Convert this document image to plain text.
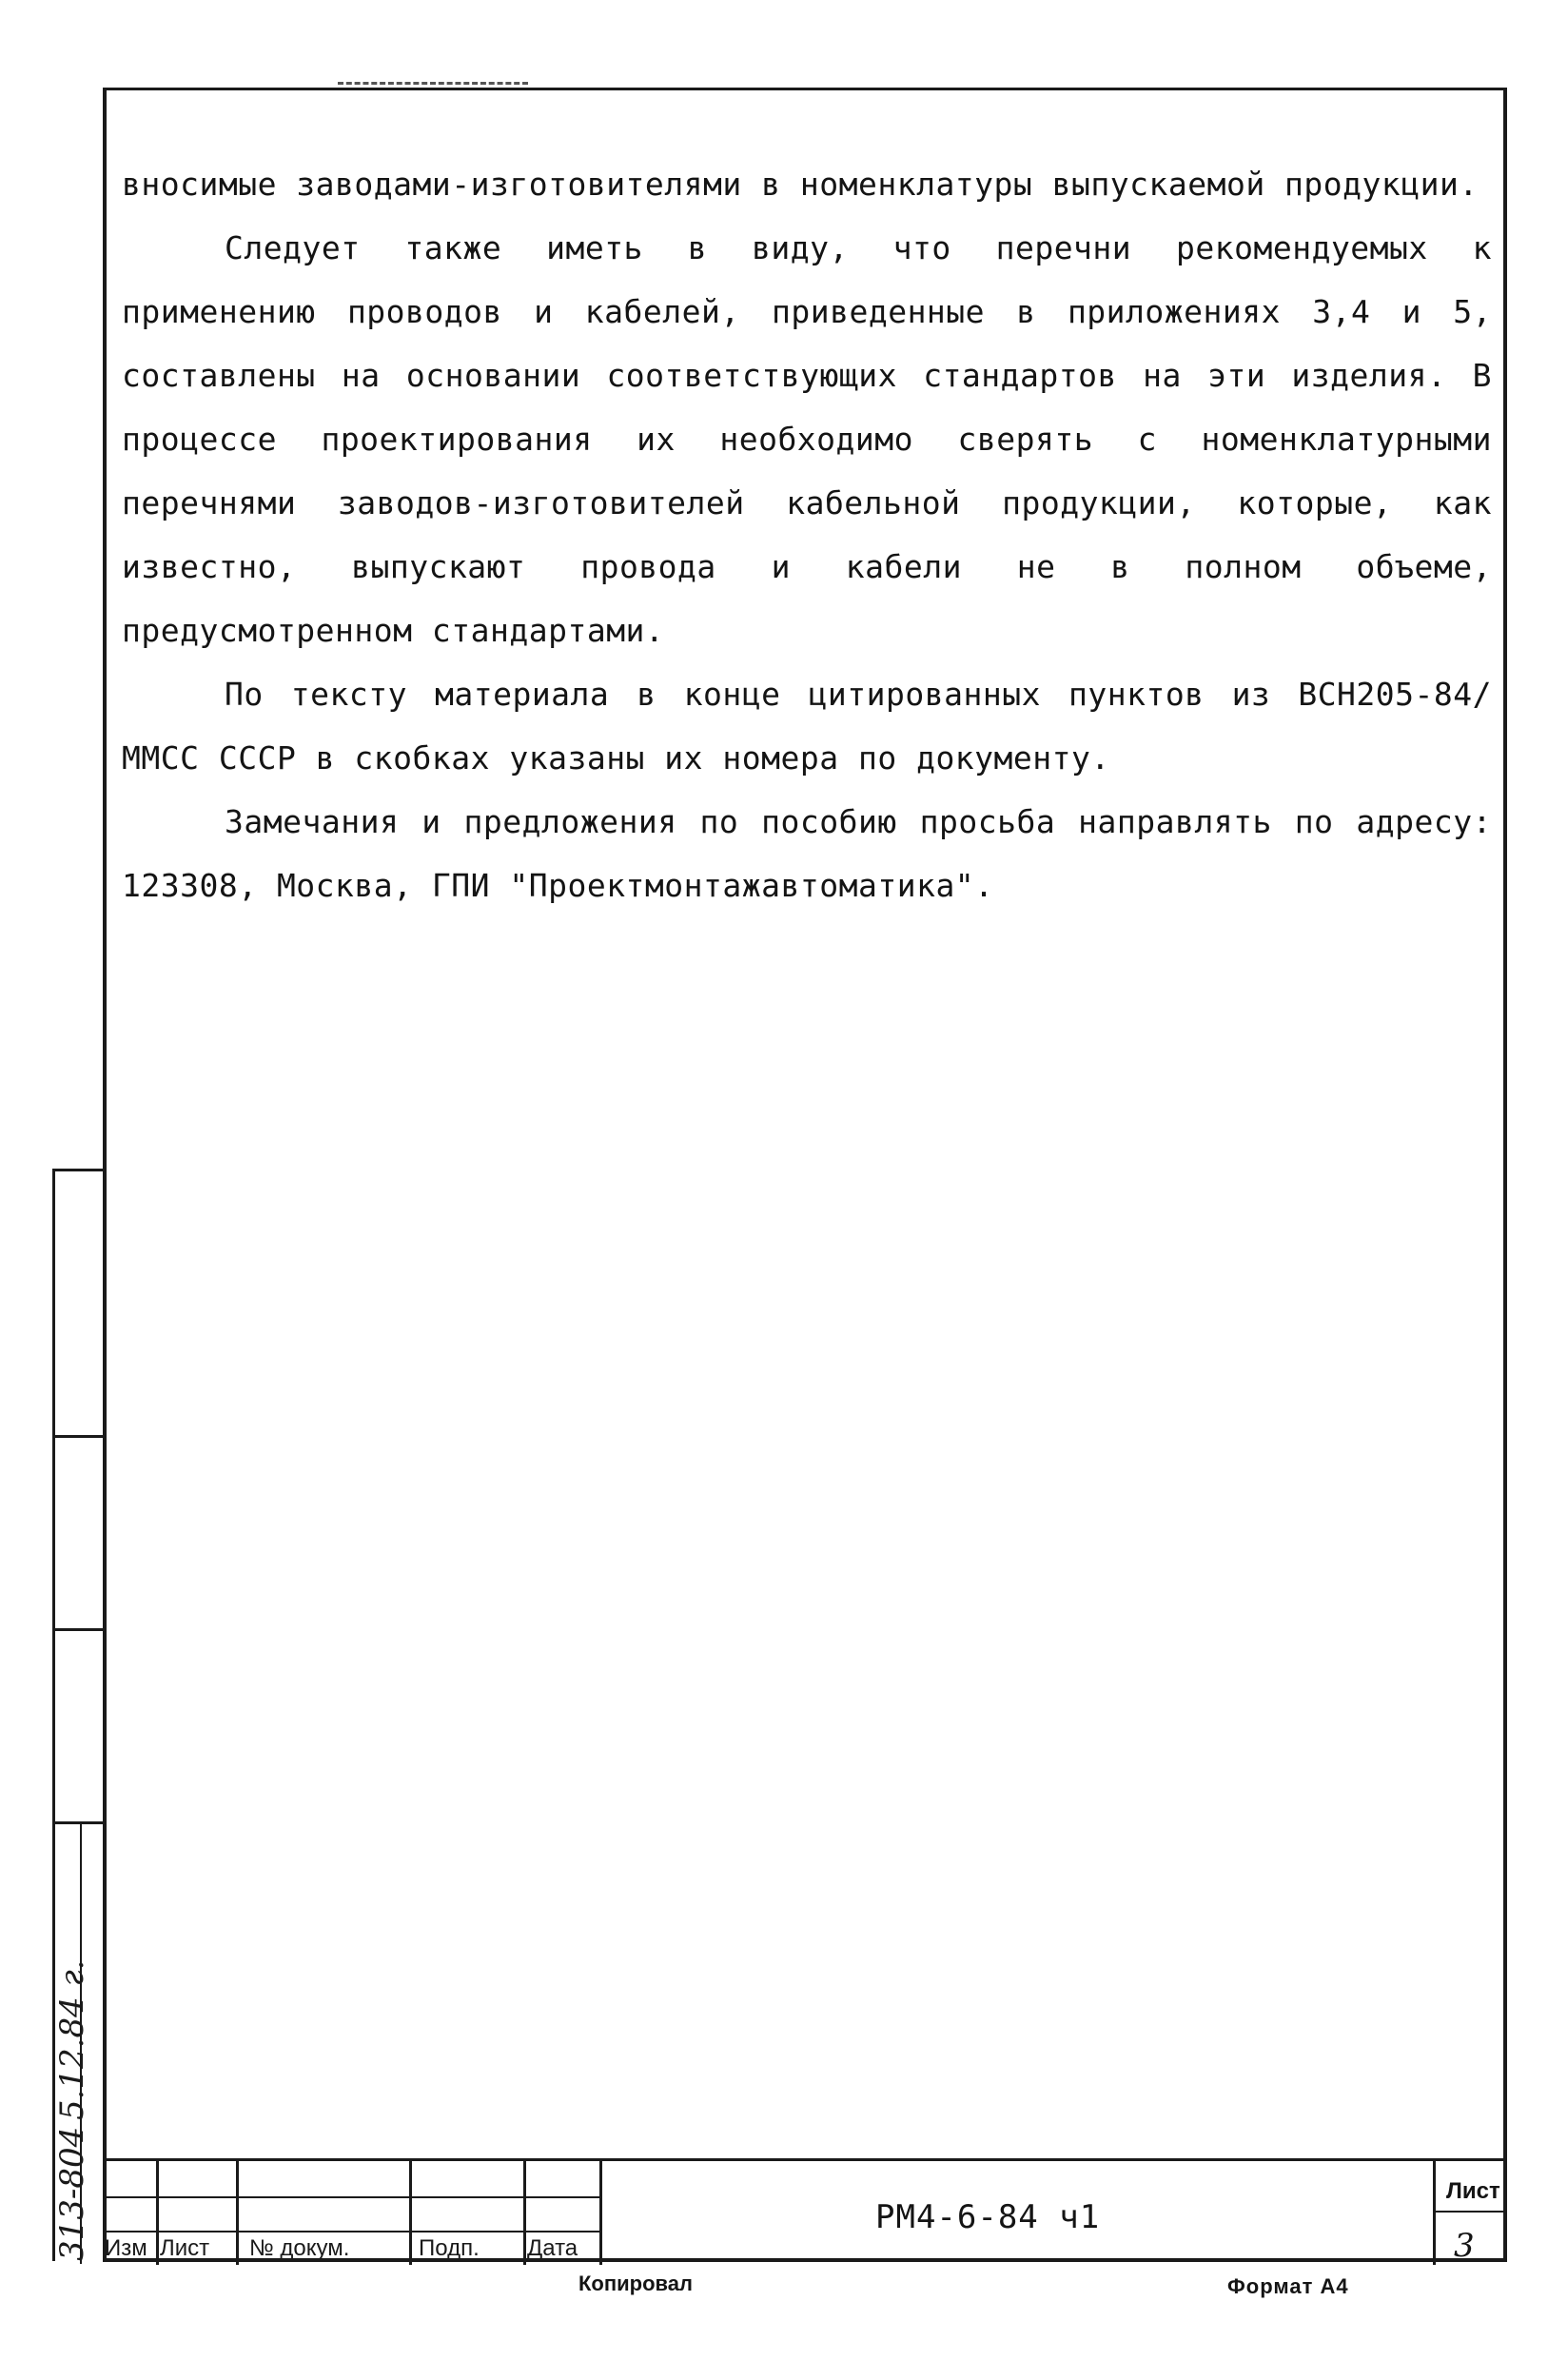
вносимые заводами-изготовителями в номенклатуры выпускаемой продукции.

Следует также иметь в виду, что перечни рекомендуемых к применению проводов и кабелей, приведенные в приложениях 3,4 и 5, составлены на основании соответствующих стандартов на эти изделия. В процессе проектирования их необходимо сверять с номенклатурными перечнями заводов-изготовителей кабельной продукции, которые, как известно, выпускают провода и кабели не в полном объеме, предусмотренном стандартами.

По тексту материала в конце цитированных пунктов из ВСН205-84/ ММСС СССР в скобках указаны их номера по документу.

Замечания и предложения по пособию просьба направлять по адресу: 123308, Москва, ГПИ "Проектмонтажавтоматика".

313-804
5.12.84 г.
Изм Лист № докум.	Подп. Дата
РМ4-6-84 ч1
Лист
3
Копировал	Формат А4
